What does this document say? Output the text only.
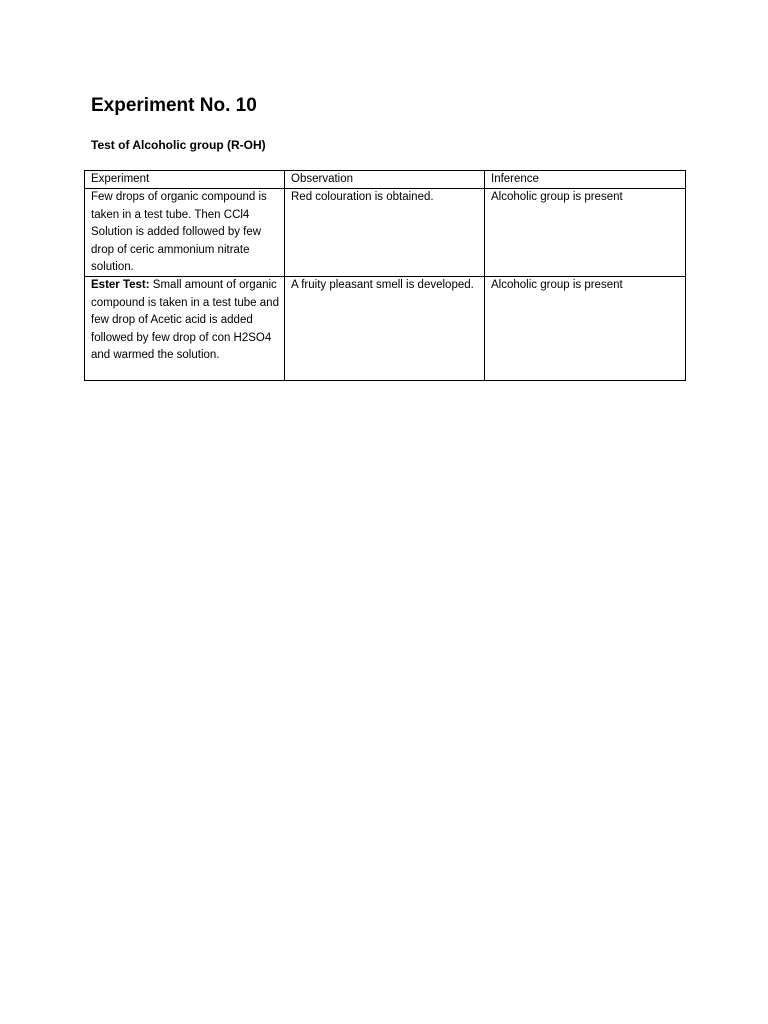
Experiment No. 10
Test of Alcoholic group (R-OH)
Experiment	Observation	Inference
Few drops of organic compound is taken in a test tube. Then CCl4 Solution is added followed by few drop of ceric ammonium nitrate solution.	Red colouration is obtained.	Alcoholic group is present
Ester Test: Small amount of organic compound is taken in a test tube and few drop of Acetic acid is added followed by few drop of con H2SO4 and warmed the solution.	A fruity pleasant smell is developed.	Alcoholic group is present
